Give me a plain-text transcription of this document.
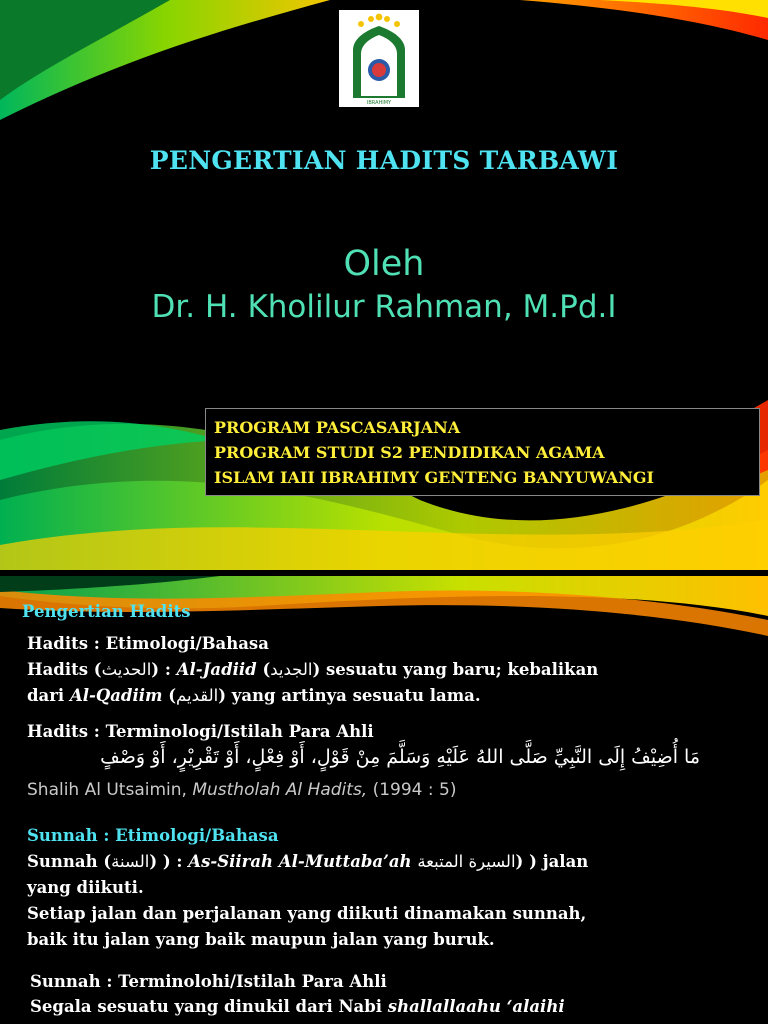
IBRAHIMY
PENGERTIAN HADITS TARBAWI
Oleh
Dr. H. Kholilur Rahman, M.Pd.I
PROGRAM PASCASARJANA
PROGRAM STUDI S2 PENDIDIKAN AGAMA
ISLAM IAII IBRAHIMY GENTENG BANYUWANGI
Pengertian Hadits
Hadits : Etimologi/Bahasa
Hadits (الحديث) : Al-Jadiid (الجديد) sesuatu yang baru; kebalikan
dari Al-Qadiim (القديم) yang artinya sesuatu lama.
Hadits : Terminologi/Istilah Para Ahli
مَا أُضِيْفُ إِلَى النَّبِيِّ صَلَّى اللهُ عَلَيْهِ وَسَلَّمَ مِنْ قَوْلٍ، أَوْ فِعْلٍ، أَوْ تَقْرِيْرٍ، أَوْ وَصْفٍ
Shalih Al Utsaimin, Mustholah Al Hadits, (1994 : 5)
Sunnah : Etimologi/Bahasa
Sunnah (السنة) ) : As-Siirah Al-Muttaba’ah السيرة المتبعة) ) jalan
yang diikuti.
Setiap jalan dan perjalanan yang diikuti dinamakan sunnah,
baik itu jalan yang baik maupun jalan yang buruk.
Sunnah : Terminolohi/Istilah Para Ahli
Segala sesuatu yang dinukil dari Nabi shallallaahu ‘alaihi
